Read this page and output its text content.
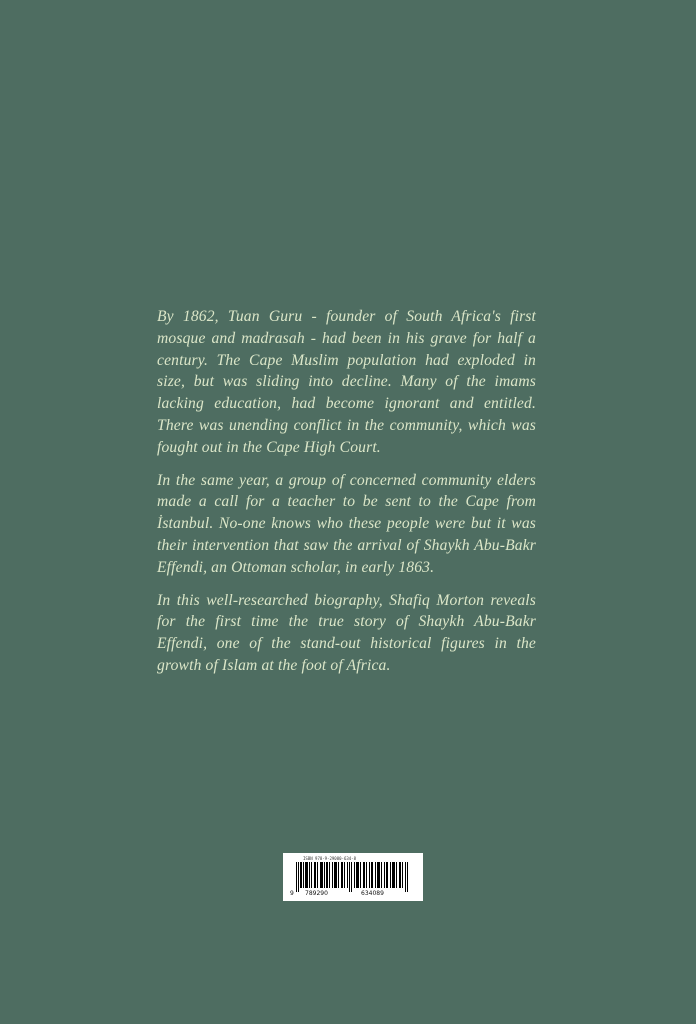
By 1862, Tuan Guru - founder of South Africa's first mosque and madrasah - had been in his grave for half a century. The Cape Muslim population had exploded in size, but was sliding into decline. Many of the imams lacking education, had become ignorant and entitled. There was unending conflict in the community, which was fought out in the Cape High Court.

In the same year, a group of concerned community elders made a call for a teacher to be sent to the Cape from İstanbul. No-one knows who these people were but it was their intervention that saw the arrival of Shaykh Abu-Bakr Effendi, an Ottoman scholar, in early 1863.

In this well-researched biography, Shafiq Morton reveals for the first time the true story of Shaykh Abu-Bakr Effendi, one of the stand-out historical figures in the growth of Islam at the foot of Africa.

ISBN 978-9-29080-634-8
9 789290	634089
